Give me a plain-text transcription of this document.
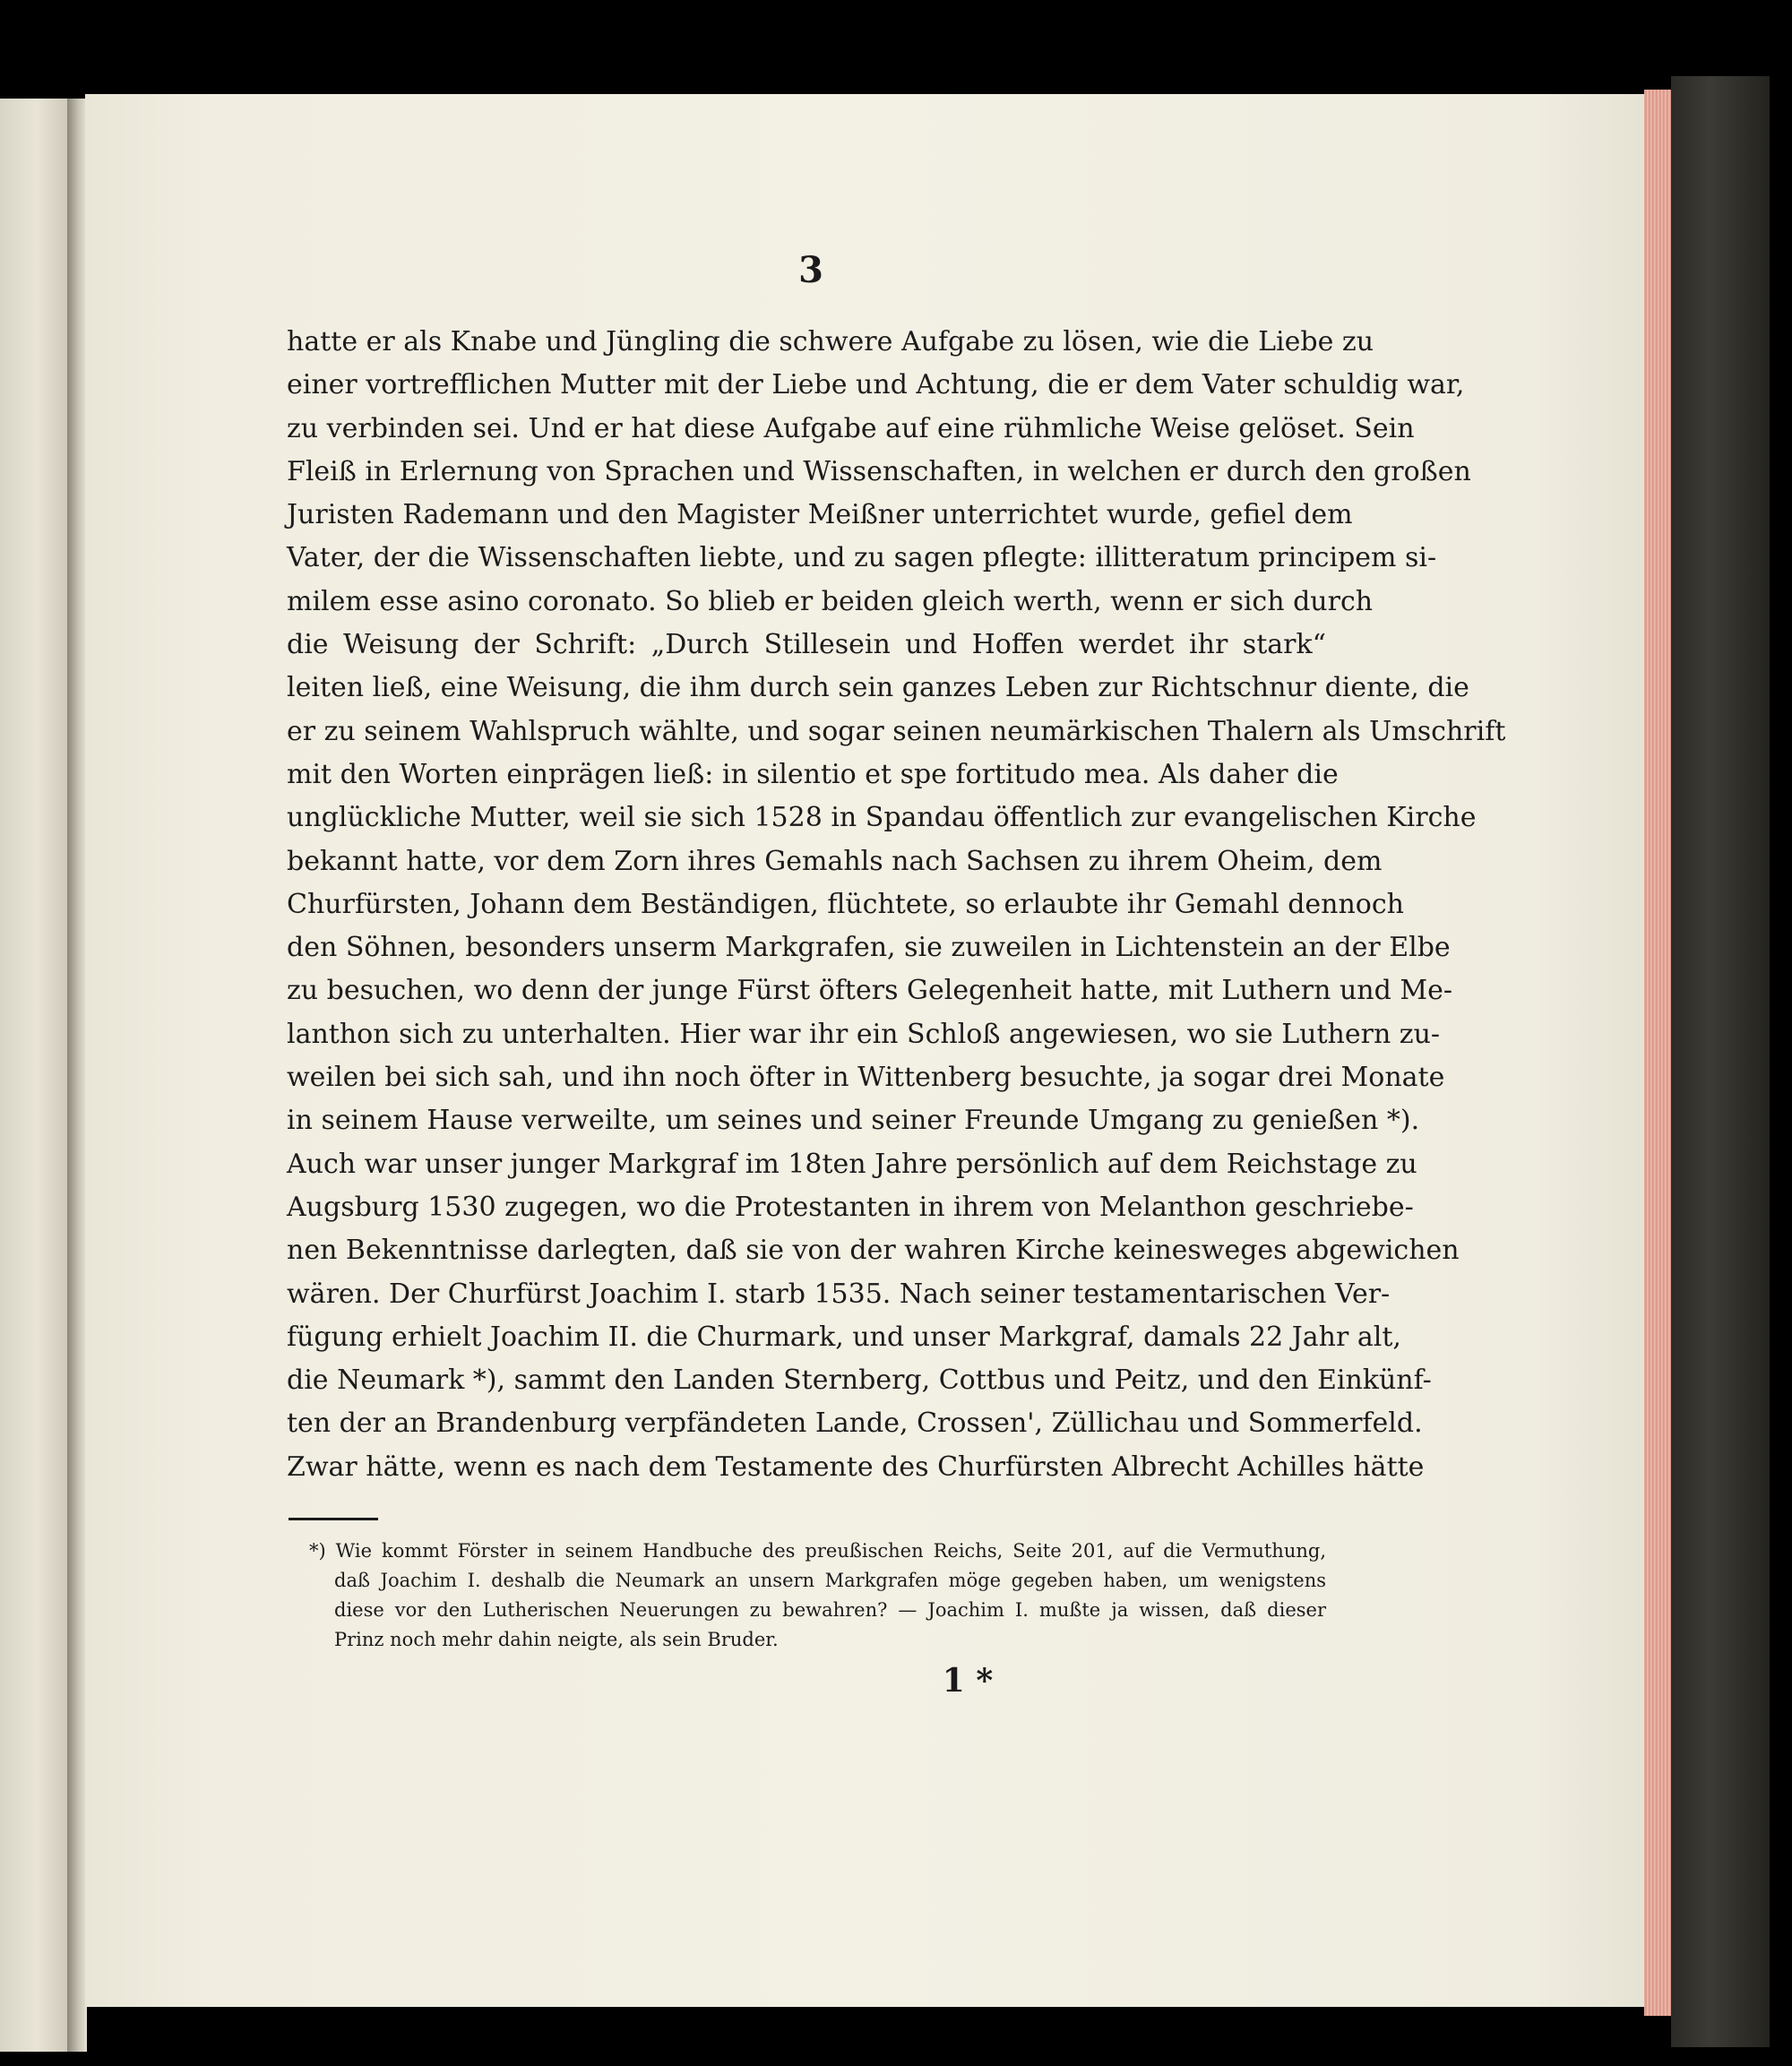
3
hatte er als Knabe und Jüngling die schwere Aufgabe zu lösen, wie die Liebe zu
einer vortrefflichen Mutter mit der Liebe und Achtung, die er dem Vater schuldig war,
zu verbinden sei. Und er hat diese Aufgabe auf eine rühmliche Weise gelöset. Sein
Fleiß in Erlernung von Sprachen und Wissenschaften, in welchen er durch den großen
Juristen Rademann und den Magister Meißner unterrichtet wurde, gefiel dem
Vater, der die Wissenschaften liebte, und zu sagen pflegte: illitteratum principem si-
milem esse asino coronato. So blieb er beiden gleich werth, wenn er sich durch
die Weisung der Schrift: „Durch Stillesein und Hoffen werdet ihr stark“
leiten ließ, eine Weisung, die ihm durch sein ganzes Leben zur Richtschnur diente, die
er zu seinem Wahlspruch wählte, und sogar seinen neumärkischen Thalern als Umschrift
mit den Worten einprägen ließ: in silentio et spe fortitudo mea. Als daher die
unglückliche Mutter, weil sie sich 1528 in Spandau öffentlich zur evangelischen Kirche
bekannt hatte, vor dem Zorn ihres Gemahls nach Sachsen zu ihrem Oheim, dem
Churfürsten, Johann dem Beständigen, flüchtete, so erlaubte ihr Gemahl dennoch
den Söhnen, besonders unserm Markgrafen, sie zuweilen in Lichtenstein an der Elbe
zu besuchen, wo denn der junge Fürst öfters Gelegenheit hatte, mit Luthern und Me-
lanthon sich zu unterhalten. Hier war ihr ein Schloß angewiesen, wo sie Luthern zu-
weilen bei sich sah, und ihn noch öfter in Wittenberg besuchte, ja sogar drei Monate
in seinem Hause verweilte, um seines und seiner Freunde Umgang zu genießen *).
Auch war unser junger Markgraf im 18ten Jahre persönlich auf dem Reichstage zu
Augsburg 1530 zugegen, wo die Protestanten in ihrem von Melanthon geschriebe-
nen Bekenntnisse darlegten, daß sie von der wahren Kirche keinesweges abgewichen
wären. Der Churfürst Joachim I. starb 1535. Nach seiner testamentarischen Ver-
fügung erhielt Joachim II. die Churmark, und unser Markgraf, damals 22 Jahr alt,
die Neumark *), sammt den Landen Sternberg, Cottbus und Peitz, und den Einkünf-
ten der an Brandenburg verpfändeten Lande, Crossen', Züllichau und Sommerfeld.
Zwar hätte, wenn es nach dem Testamente des Churfürsten Albrecht Achilles hätte
*) Wie kommt Förster in seinem Handbuche des preußischen Reichs, Seite 201, auf die Vermuthung,
daß Joachim I. deshalb die Neumark an unsern Markgrafen möge gegeben haben, um wenigstens
diese vor den Lutherischen Neuerungen zu bewahren? — Joachim I. mußte ja wissen, daß dieser
Prinz noch mehr dahin neigte, als sein Bruder.
1 *
